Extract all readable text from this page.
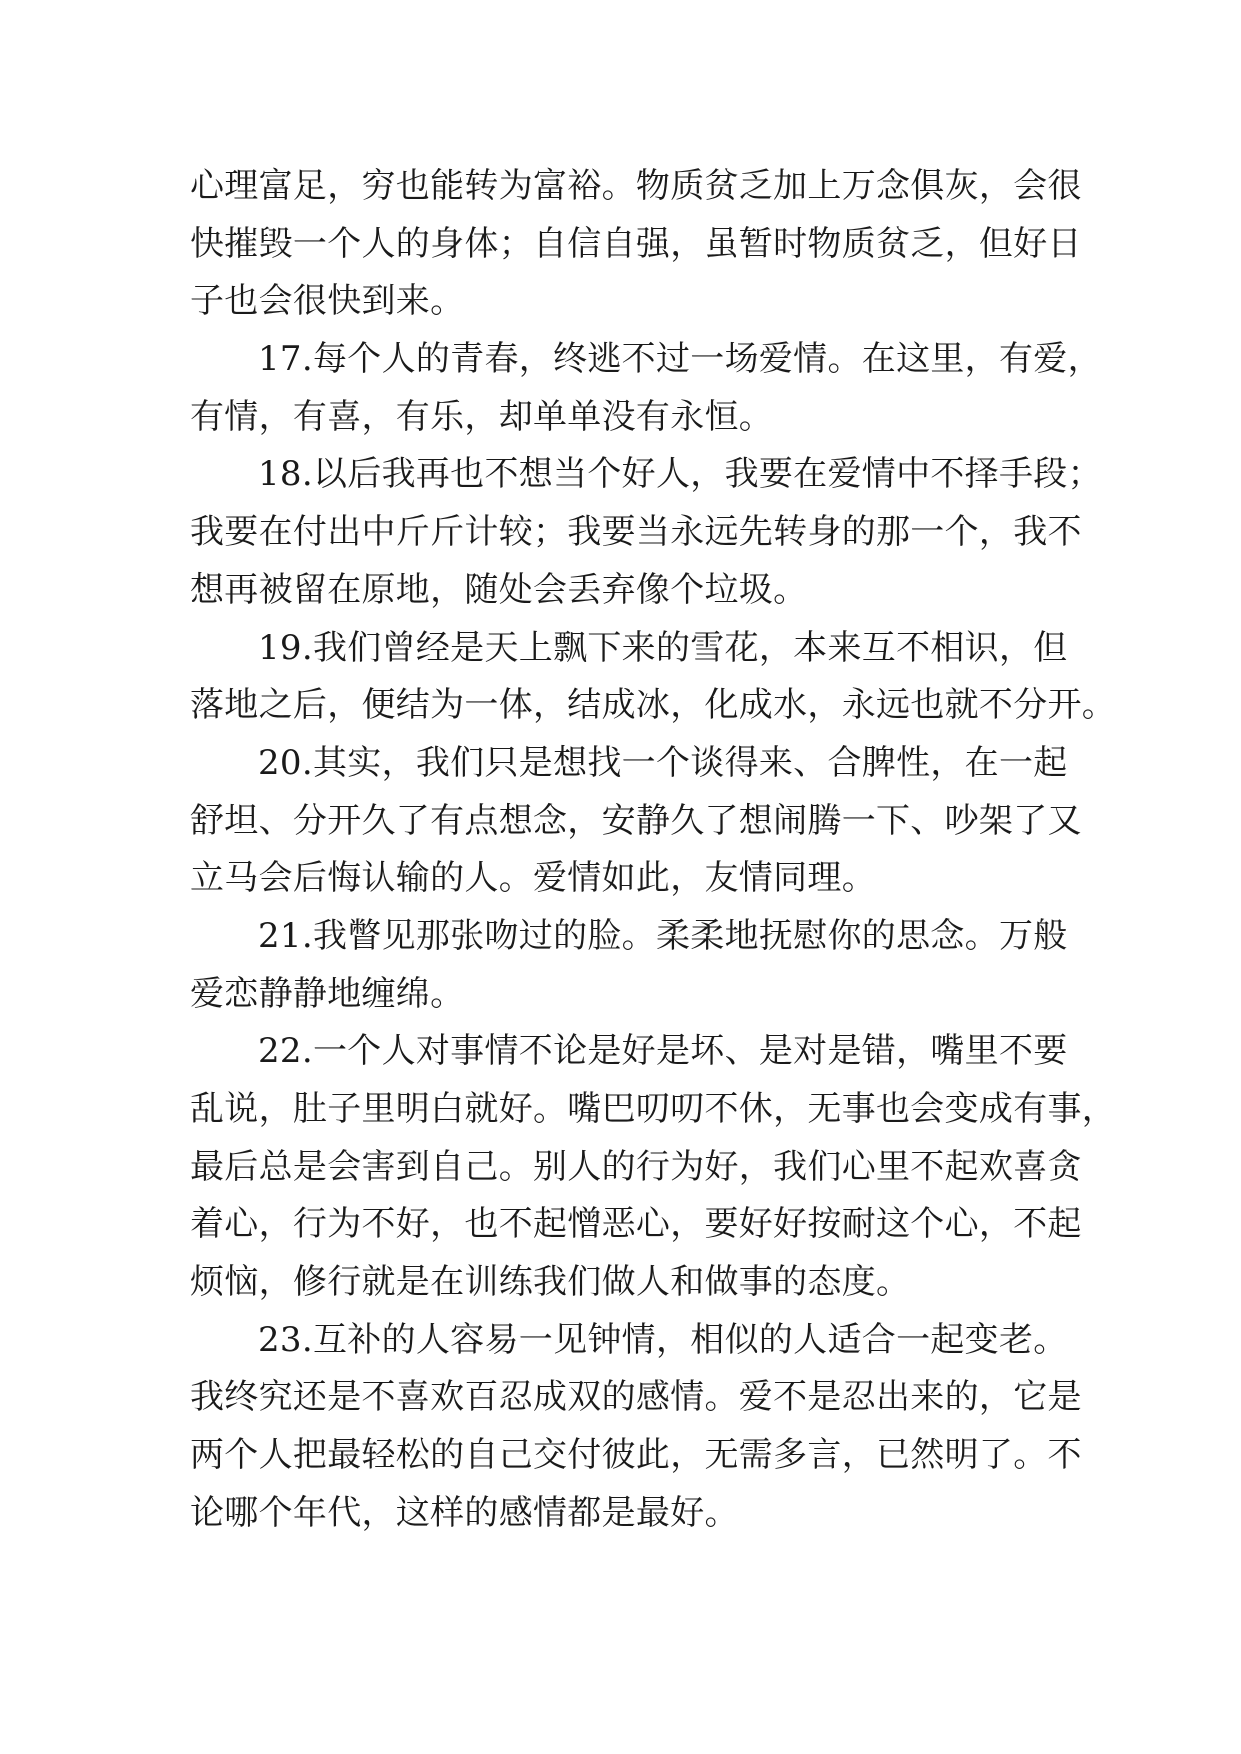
心理富足，穷也能转为富裕。物质贫乏加上万念俱灰，会很
快摧毁一个人的身体；自信自强，虽暂时物质贫乏，但好日
子也会很快到来。
17.每个人的青春，终逃不过一场爱情。在这里，有爱，
有情，有喜，有乐，却单单没有永恒。
18.以后我再也不想当个好人，我要在爱情中不择手段；
我要在付出中斤斤计较；我要当永远先转身的那一个，我不
想再被留在原地，随处会丢弃像个垃圾。
19.我们曾经是天上飘下来的雪花，本来互不相识，但
落地之后，便结为一体，结成冰，化成水，永远也就不分开。
20.其实，我们只是想找一个谈得来、合脾性，在一起
舒坦、分开久了有点想念，安静久了想闹腾一下、吵架了又
立马会后悔认输的人。爱情如此，友情同理。
21.我瞥见那张吻过的脸。柔柔地抚慰你的思念。万般
爱恋静静地缠绵。
22.一个人对事情不论是好是坏、是对是错，嘴里不要
乱说，肚子里明白就好。嘴巴叨叨不休，无事也会变成有事，
最后总是会害到自己。别人的行为好，我们心里不起欢喜贪
着心，行为不好，也不起憎恶心，要好好按耐这个心，不起
烦恼，修行就是在训练我们做人和做事的态度。
23.互补的人容易一见钟情，相似的人适合一起变老。
我终究还是不喜欢百忍成双的感情。爱不是忍出来的，它是
两个人把最轻松的自己交付彼此，无需多言，已然明了。不
论哪个年代，这样的感情都是最好。
